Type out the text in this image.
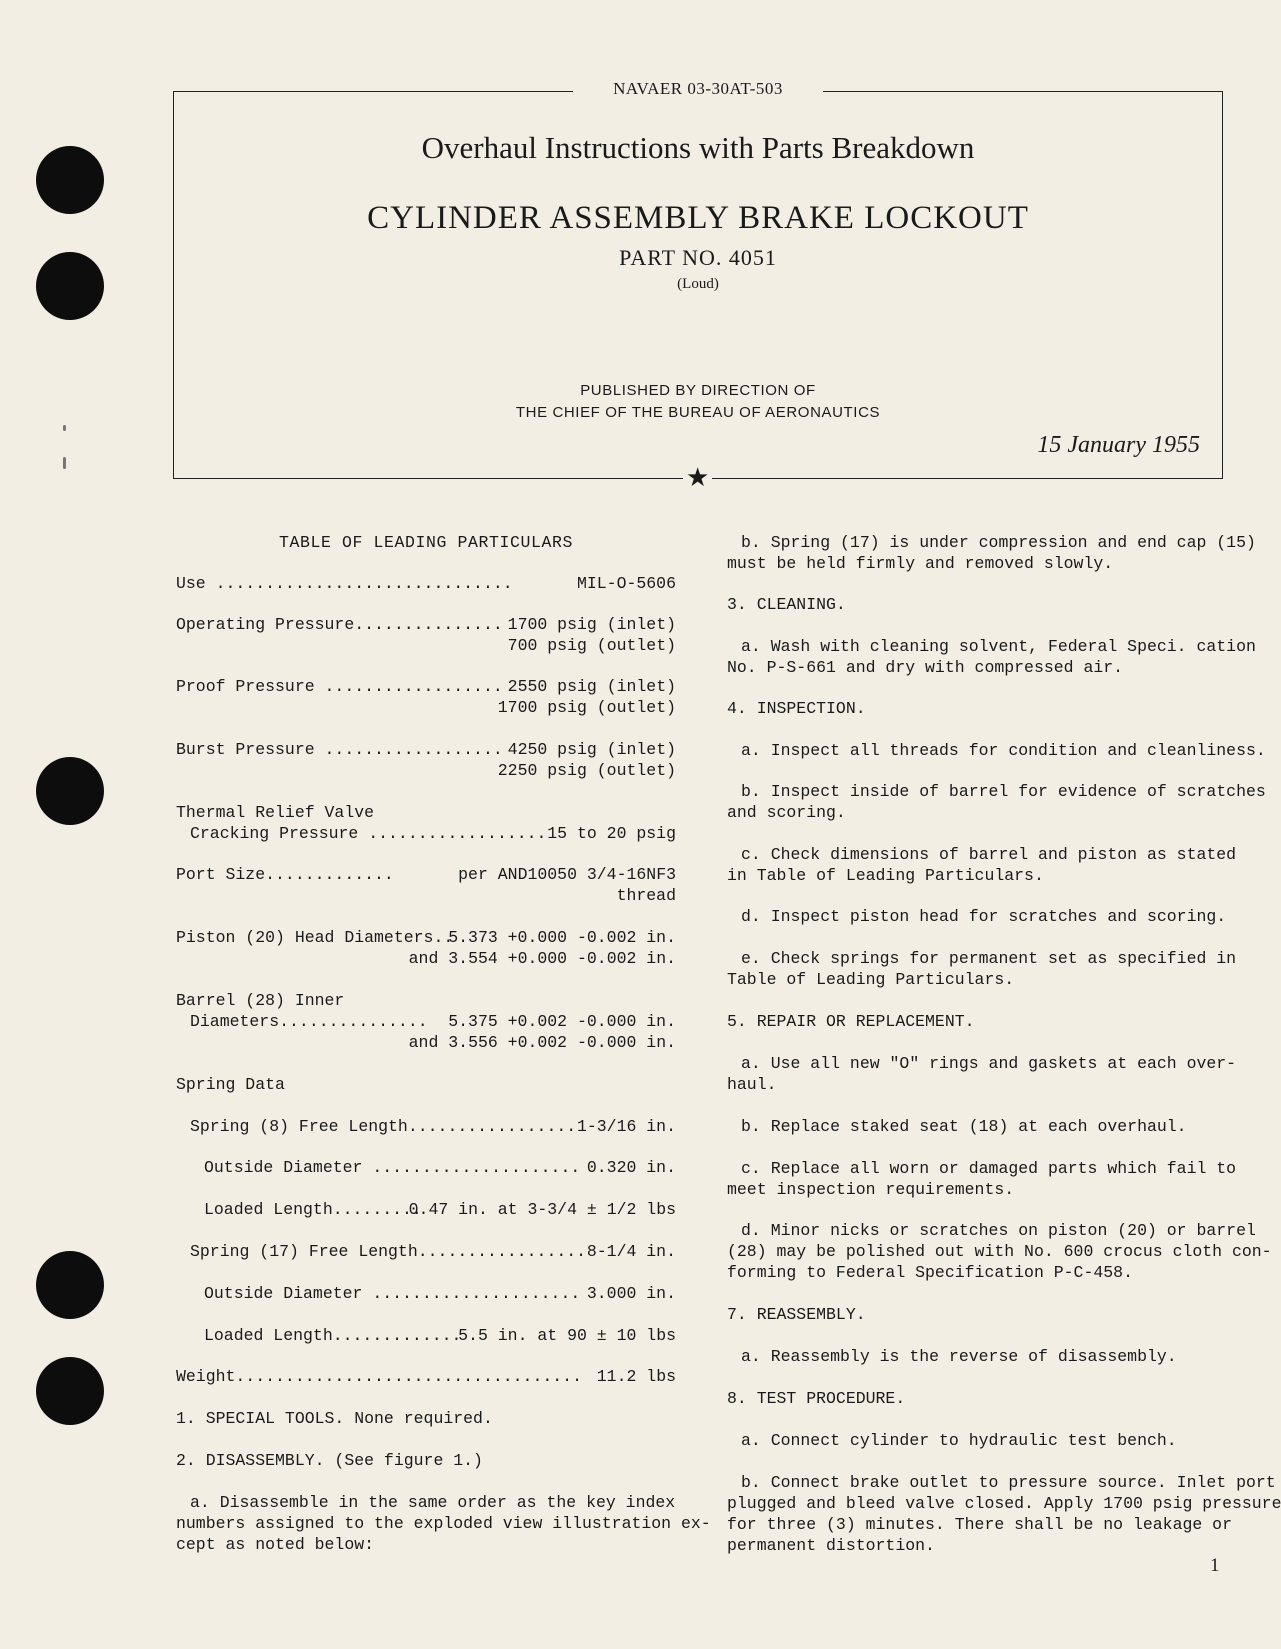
NAVAER 03-30AT-503
★
Overhaul Instructions with Parts Breakdown
CYLINDER ASSEMBLY BRAKE LOCKOUT
PART NO. 4051
(Loud)
PUBLISHED BY DIRECTION OF
THE CHIEF OF THE BUREAU OF AERONAUTICS
15 January 1955
TABLE OF LEADING PARTICULARS
Use ..............................	MIL-O-5606
Operating Pressure............... 1700 psig (inlet)
700 psig (outlet)
Proof Pressure .................. 2550 psig (inlet)
1700 psig (outlet)
Burst Pressure .................. 4250 psig (inlet)
2250 psig (outlet)
Thermal Relief Valve
Cracking Pressure .................. 15 to 20 psig
Port Size.............	per AND10050 3/4-16NF3
thread
Piston (20) Head Diameters..
5.373 +0.000 -0.002 in.
and 3.554 +0.000 -0.002 in.
Barrel (28) Inner
Diameters............... 5.375 +0.002 -0.000 in.
and 3.556 +0.002 -0.000 in.
Spring Data
Spring (8) Free Length................. 1-3/16 in.
Outside Diameter ..................... 0.320 in.
Loaded Length.........
0.47 in. at 3-3/4 ± 1/2 lbs
Spring (17) Free Length................. 8-1/4 in.
Outside Diameter ..................... 3.000 in.
Loaded Length.............
5.5 in. at 90 ± 10 lbs
Weight................................... 11.2 lbs
1. SPECIAL TOOLS. None required.
2. DISASSEMBLY. (See figure 1.)
a. Disassemble in the same order as the key index
numbers assigned to the exploded view illustration ex-
cept as noted below:
b. Spring (17) is under compression and end cap (15)
must be held firmly and removed slowly.
3. CLEANING.
a. Wash with cleaning solvent, Federal Speci. cation
No. P-S-661 and dry with compressed air.
4. INSPECTION.
a. Inspect all threads for condition and cleanliness.
b. Inspect inside of barrel for evidence of scratches
and scoring.
c. Check dimensions of barrel and piston as stated
in Table of Leading Particulars.
d. Inspect piston head for scratches and scoring.
e. Check springs for permanent set as specified in
Table of Leading Particulars.
5. REPAIR OR REPLACEMENT.
a. Use all new "O" rings and gaskets at each over-
haul.
b. Replace staked seat (18) at each overhaul.
c. Replace all worn or damaged parts which fail to
meet inspection requirements.
d. Minor nicks or scratches on piston (20) or barrel
(28) may be polished out with No. 600 crocus cloth con-
forming to Federal Specification P-C-458.
7. REASSEMBLY.
a. Reassembly is the reverse of disassembly.
8. TEST PROCEDURE.
a. Connect cylinder to hydraulic test bench.
b. Connect brake outlet to pressure source. Inlet port
plugged and bleed valve closed. Apply 1700 psig pressure
for three (3) minutes. There shall be no leakage or
permanent distortion.
1
